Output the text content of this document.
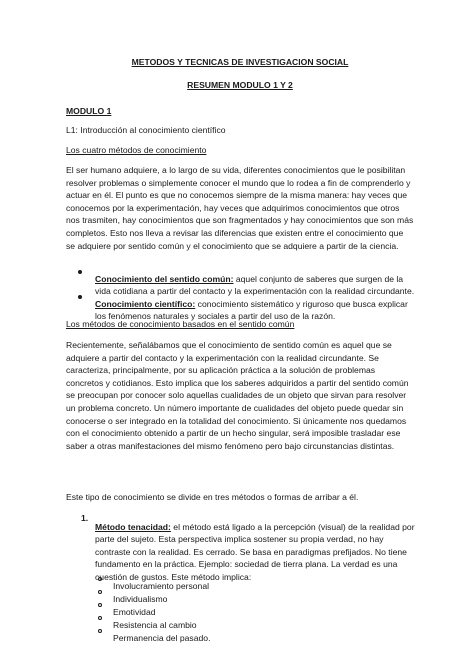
METODOS Y TECNICAS DE INVESTIGACION SOCIAL

RESUMEN MODULO 1 Y 2

MODULO 1

L1: Introducción al conocimiento científico

Los cuatro métodos de conocimiento

El ser humano adquiere, a lo largo de su vida, diferentes conocimientos que le posibilitan resolver problemas o simplemente conocer el mundo que lo rodea a fin de comprenderlo y actuar en él. El punto es que no conocemos siempre de la misma manera: hay veces que conocemos por la experimentación, hay veces que adquirimos conocimientos que otros nos trasmiten, hay conocimientos que son fragmentados y hay conocimientos que son más completos. Esto nos lleva a revisar las diferencias que existen entre el conocimiento que se adquiere por sentido común y el conocimiento que se adquiere a partir de la ciencia.

Conocimiento del sentido común: aquel conjunto de saberes que surgen de la vida cotidiana a partir del contacto y la experimentación con la realidad circundante.

Conocimiento científico: conocimiento sistemático y riguroso que busca explicar los fenómenos naturales y sociales a partir del uso de la razón.

Los métodos de conocimiento basados en el sentido común

Recientemente, señalábamos que el conocimiento de sentido común es aquel que se adquiere a partir del contacto y la experimentación con la realidad circundante. Se caracteriza, principalmente, por su aplicación práctica a la solución de problemas concretos y cotidianos. Esto implica que los saberes adquiridos a partir del sentido común se preocupan por conocer solo aquellas cualidades de un objeto que sirvan para resolver un problema concreto. Un número importante de cualidades del objeto puede quedar sin conocerse o ser integrado en la totalidad del conocimiento. Si únicamente nos quedamos con el conocimiento obtenido a partir de un hecho singular, será imposible trasladar ese saber a otras manifestaciones del mismo fenómeno pero bajo circunstancias distintas.

Este tipo de conocimiento se divide en tres métodos o formas de arribar a él.

1.

Método tenacidad: el método está ligado a la percepción (visual) de la realidad por parte del sujeto. Esta perspectiva implica sostener su propia verdad, no hay contraste con la realidad. Es cerrado. Se basa en paradigmas prefijados. No tiene fundamento en la práctica. Ejemplo: sociedad de tierra plana. La verdad es una cuestión de gustos. Este método implica:

Involucramiento personal

Individualismo

Emotividad

Resistencia al cambio

Permanencia del pasado.
